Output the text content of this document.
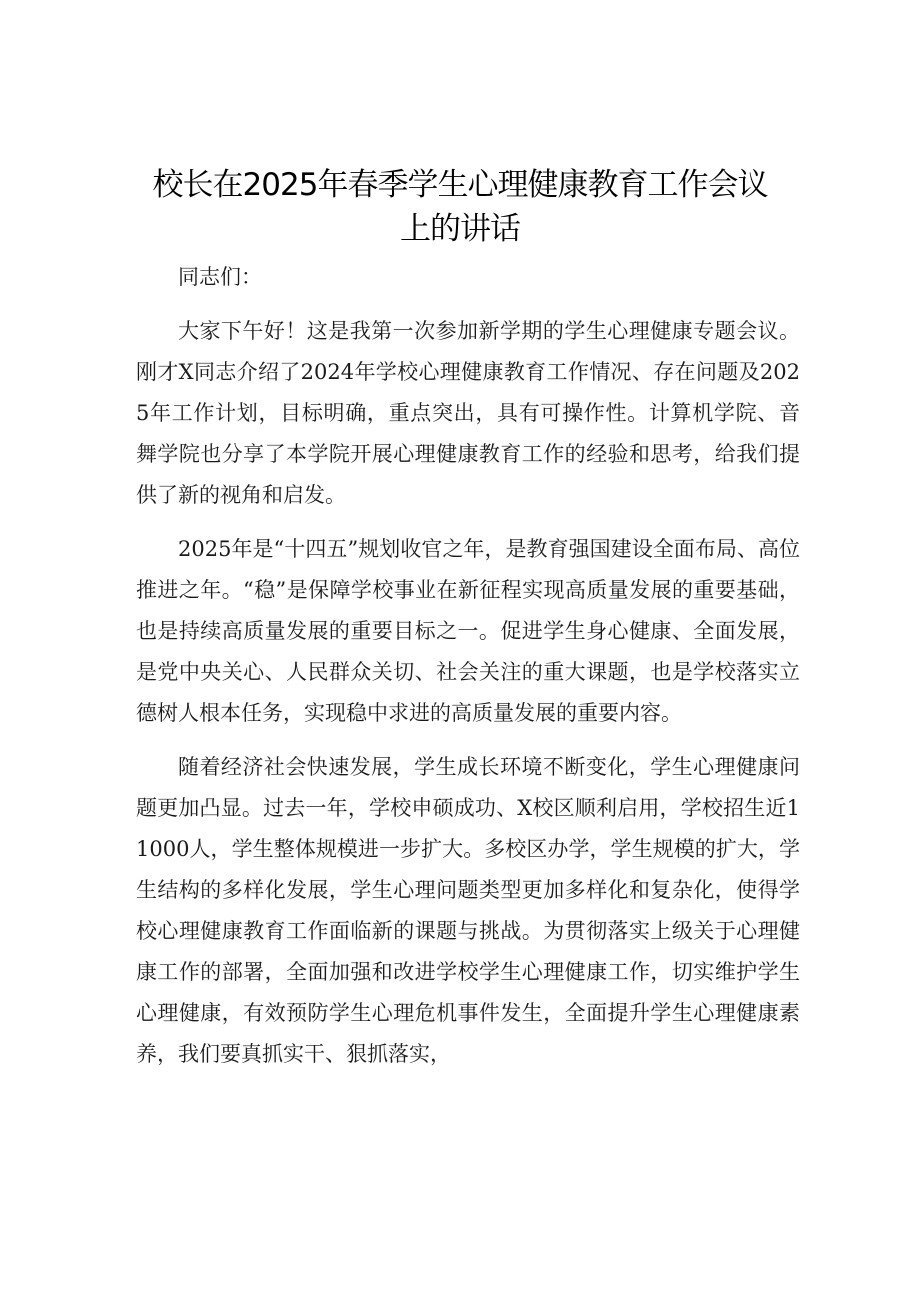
校长在2025年春季学生心理健康教育工作会议
上的讲话

同志们：

大家下午好！这是我第一次参加新学期的学生心理健康专题会议。刚才X同志介绍了2024年学校心理健康教育工作情况、存在问题及2025年工作计划，目标明确，重点突出，具有可操作性。计算机学院、音舞学院也分享了本学院开展心理健康教育工作的经验和思考，给我们提供了新的视角和启发。

2025年是“十四五”规划收官之年，是教育强国建设全面布局、高位推进之年。“稳”是保障学校事业在新征程实现高质量发展的重要基础，也是持续高质量发展的重要目标之一。促进学生身心健康、全面发展，是党中央关心、人民群众关切、社会关注的重大课题，也是学校落实立德树人根本任务，实现稳中求进的高质量发展的重要内容。

随着经济社会快速发展，学生成长环境不断变化，学生心理健康问题更加凸显。过去一年，学校申硕成功、X校区顺利启用，学校招生近11000人，学生整体规模进一步扩大。多校区办学，学生规模的扩大，学生结构的多样化发展，学生心理问题类型更加多样化和复杂化，使得学校心理健康教育工作面临新的课题与挑战。为贯彻落实上级关于心理健康工作的部署，全面加强和改进学校学生心理健康工作，切实维护学生心理健康，有效预防学生心理危机事件发生，全面提升学生心理健康素养，我们要真抓实干、狠抓落实，
